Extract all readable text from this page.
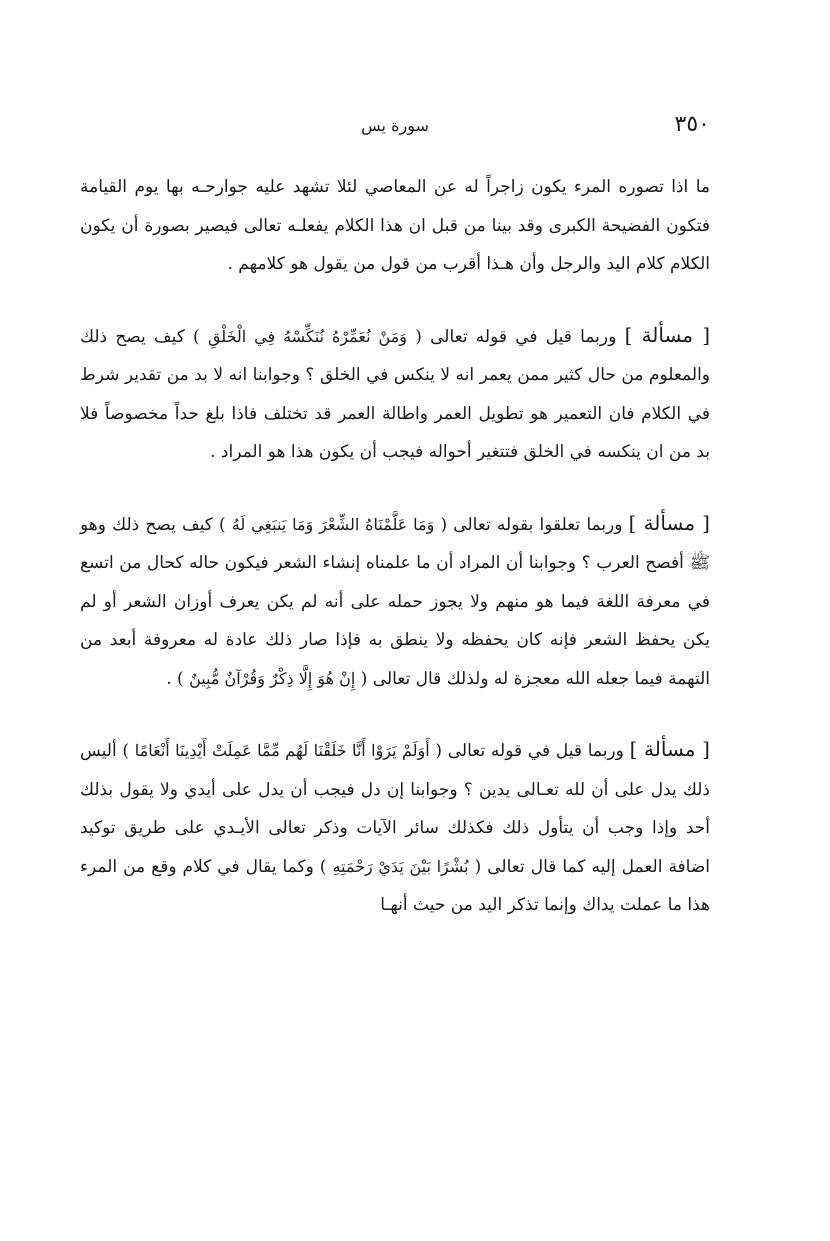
٣٥٠
سورة يس

ما اذا تصوره المرء يكون زاجراً له عن المعاصي لئلا تشهد عليه جوارحـه بها يوم القيامة فتكون الفضيحة الكبرى وقد بينا من قبل ان هذا الكلام يفعلـه تعالى فيصير بصورة أن يكون الكلام كلام اليد والرجل وأن هـذا أقرب من قول من يقول هو كلامهم .

[ مسألة ] وربما قيل في قوله تعالى ( وَمَنْ نُعَمِّرْهُ نُنَكِّسْهُ فِي الْخَلْقِ ) كيف يصح ذلك والمعلوم من حال كثير ممن يعمر انه لا ينكس في الخلق ؟ وجوابنا انه لا بد من تقدير شرط في الكلام فان التعمير هو تطويل العمر واطالة العمر قد تختلف فاذا بلغ حداً مخصوصاً فلا بد من ان ينكسه في الخلق فتتغير أحواله فيجب أن يكون هذا هو المراد .

[ مسألة ] وربما تعلقوا بقوله تعالى ( وَمَا عَلَّمْنَاهُ الشِّعْرَ وَمَا يَنبَغِي لَهُ ) كيف يصح ذلك وهو ﷺ أفصح العرب ؟ وجوابنا أن المراد أن ما علمناه إنشاء الشعر فيكون حاله كحال من اتسع في معرفة اللغة فيما هو منهم ولا يجوز حمله على أنه لم يكن يعرف أوزان الشعر أو لم يكن يحفظ الشعر فإنه كان يحفظه ولا ينطق به فإذا صار ذلك عادة له معروفة أبعد من التهمة فيما جعله الله معجزة له ولذلك قال تعالى ( إِنْ هُوَ إِلَّا ذِكْرٌ وَقُرْآنٌ مُّبِينٌ ) .

[ مسألة ] وربما قيل في قوله تعالى ( أَوَلَمْ يَرَوْا أَنَّا خَلَقْنَا لَهُم مِّمَّا عَمِلَتْ أَيْدِينَا أَنْعَامًا ) أليس ذلك يدل على أن لله تعـالى يدين ؟ وجوابنا إن دل فيجب أن يدل على أيدي ولا يقول بذلك أحد وإذا وجب أن يتأول ذلك فكذلك سائر الآيات وذكر تعالى الأيـدي على طريق توكيد اضافة العمل إليه كما قال تعالى ( بُشْرًا بَيْنَ يَدَيْ رَحْمَتِهِ ) وكما يقال في كلام وقع من المرء هذا ما عملت يداك وإنما تذكر اليد من حيث أنهـا
